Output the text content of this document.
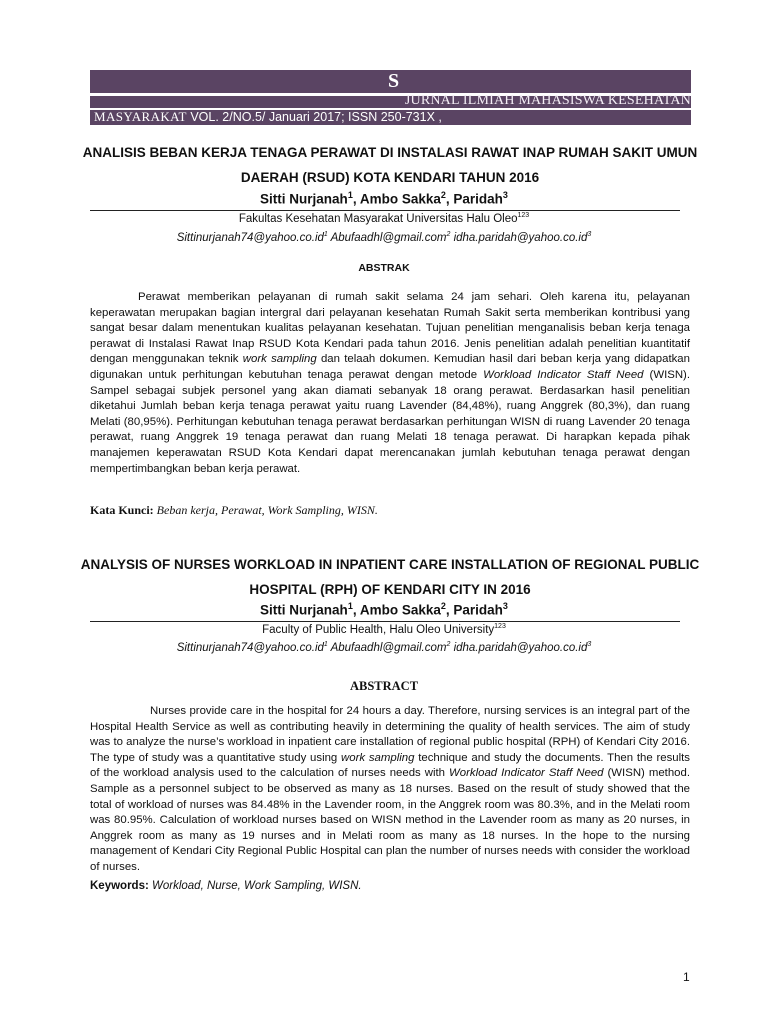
S
JURNAL ILMIAH MAHASISWA KESEHATAN
MASYARAKAT VOL. 2/NO.5/ Januari 2017; ISSN 250-731X ,
ANALISIS BEBAN KERJA TENAGA PERAWAT DI INSTALASI RAWAT INAP RUMAH SAKIT UMUN
DAERAH (RSUD) KOTA KENDARI TAHUN 2016
Sitti Nurjanah$^1$, Ambo Sakka$^2$, Paridah$^3$
Fakultas Kesehatan Masyarakat Universitas Halu Oleo$^{123}$
$Sittinurjanah74@yahoo.co.id^1$ Abufaadhl@gmail.com$^2$ $idha.paridah@yahoo.co.id^3$
ABSTRAK

Perawat memberikan pelayanan di rumah sakit selama 24 jam sehari. Oleh karena itu, pelayanan keperawatan merupakan bagian intergral dari pelayanan kesehatan Rumah Sakit serta memberikan kontribusi yang sangat besar dalam menentukan kualitas pelayanan kesehatan. Tujuan penelitian menganalisis beban kerja tenaga perawat di Instalasi Rawat Inap RSUD Kota Kendari pada tahun 2016. Jenis penelitian adalah penelitian kuantitatif dengan menggunakan teknik work sampling dan telaah dokumen. Kemudian hasil dari beban kerja yang didapatkan digunakan untuk perhitungan kebutuhan tenaga perawat dengan metode Workload Indicator Staff Need (WISN). Sampel sebagai subjek personel yang akan diamati sebanyak 18 orang perawat. Berdasarkan hasil penelitian diketahui Jumlah beban kerja tenaga perawat yaitu ruang Lavender (84,48%), ruang Anggrek (80,3%), dan ruang Melati (80,95%). Perhitungan kebutuhan tenaga perawat berdasarkan perhitungan WISN di ruang Lavender 20 tenaga perawat, ruang Anggrek 19 tenaga perawat dan ruang Melati 18 tenaga perawat. Di harapkan kepada pihak manajemen keperawatan RSUD Kota Kendari dapat merencanakan jumlah kebutuhan tenaga perawat dengan mempertimbangkan beban kerja perawat.

Kata Kunci: Beban kerja, Perawat, Work Sampling, WISN.
ANALYSIS OF NURSES WORKLOAD IN INPATIENT CARE INSTALLATION OF REGIONAL PUBLIC
HOSPITAL (RPH) OF KENDARI CITY IN 2016
Sitti Nurjanah$^1$, Ambo Sakka$^2$, Paridah$^3$
Faculty of Public Health, Halu Oleo University$^{123}$
$Sittinurjanah74@yahoo.co.id^1$ Abufaadhl@gmail.com$^2$ $idha.paridah@yahoo.co.id^3$
ABSTRACT

Nurses provide care in the hospital for 24 hours a day. Therefore, nursing services is an integral part of the Hospital Health Service as well as contributing heavily in determining the quality of health services. The aim of study was to analyze the nurse’s workload in inpatient care installation of regional public hospital (RPH) of Kendari City 2016. The type of study was a quantitative study using work sampling technique and study the documents. Then the results of the workload analysis used to the calculation of nurses needs with Workload Indicator Staff Need (WISN) method. Sample as a personnel subject to be observed as many as 18 nurses. Based on the result of study showed that the total of workload of nurses was 84.48% in the Lavender room, in the Anggrek room was 80.3%, and in the Melati room was 80.95%. Calculation of workload nurses based on WISN method in the Lavender room as many as 20 nurses, in Anggrek room as many as 19 nurses and in Melati room as many as 18 nurses. In the hope to the nursing management of Kendari City Regional Public Hospital can plan the number of nurses needs with consider the workload of nurses.

Keywords: Workload, Nurse, Work Sampling, WISN.
1
